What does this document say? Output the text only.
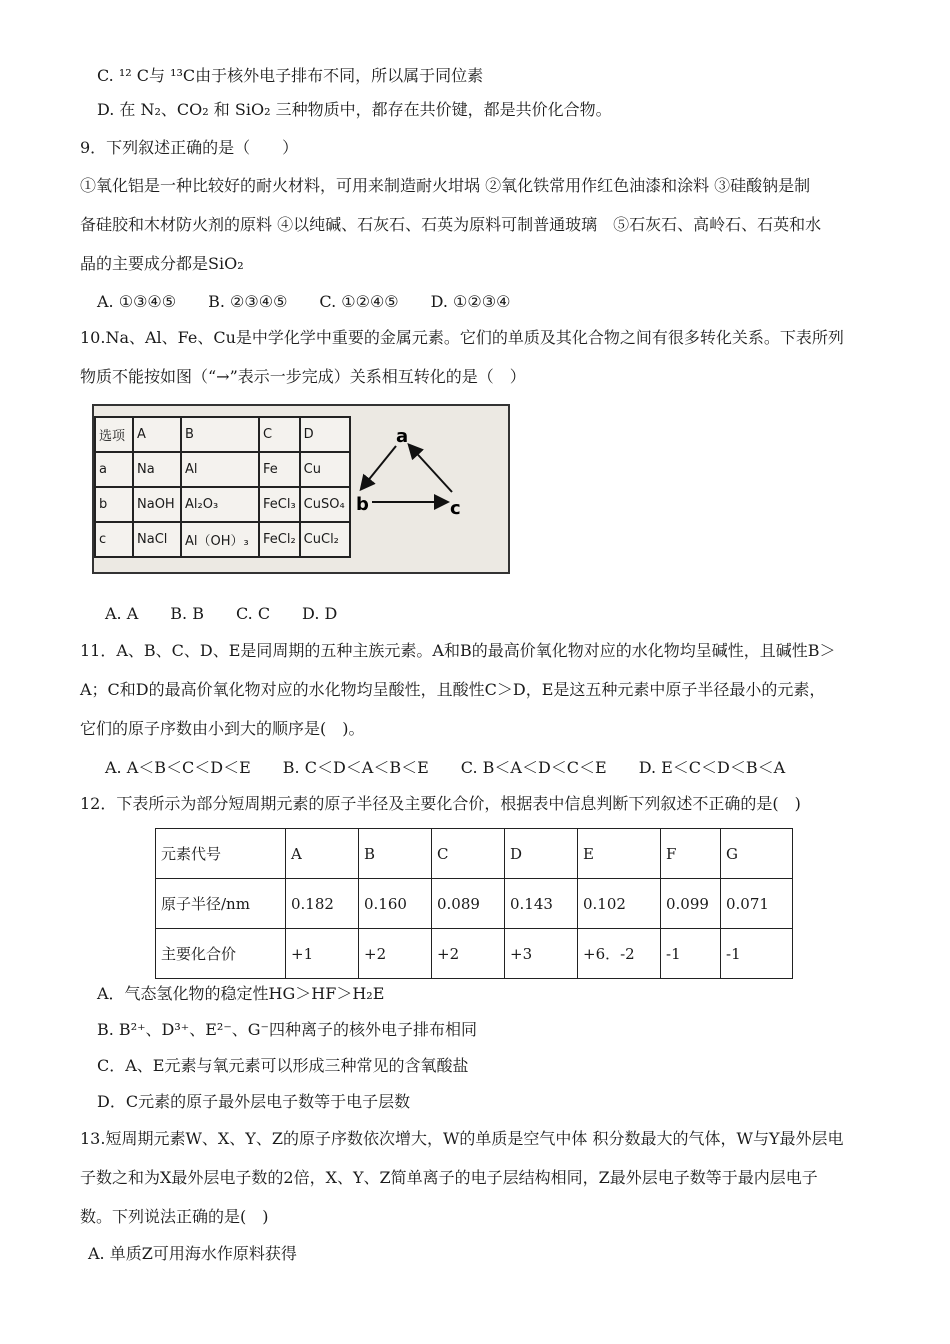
C. ¹² C与 ¹³C由于核外电子排布不同，所以属于同位素
D. 在 N₂、CO₂ 和 SiO₂ 三种物质中，都存在共价键，都是共价化合物。
9．下列叙述正确的是（　　）
①氧化铝是一种比较好的耐火材料，可用来制造耐火坩埚 ②氧化铁常用作红色油漆和涂料 ③硅酸钠是制
备硅胶和木材防火剂的原料 ④以纯碱、石灰石、石英为原料可制普通玻璃　⑤石灰石、高岭石、石英和水
晶的主要成分都是SiO₂
A. ①③④⑤　　B. ②③④⑤　　C. ①②④⑤　　D. ①②③④
10.Na、Al、Fe、Cu是中学化学中重要的金属元素。它们的单质及其化合物之间有很多转化关系。下表所列
物质不能按如图（“→”表示一步完成）关系相互转化的是（　）
选项	A	B	C	D
a	Na	Al	Fe	Cu
b	NaOH	Al₂O₃	FeCl₃	CuSO₄
c	NaCl	Al（OH）₃	FeCl₂	CuCl₂
a
b	c
A. A　　B. B　　C. C　　D. D
11．A、B、C、D、E是同周期的五种主族元素。A和B的最高价氧化物对应的水化物均呈碱性，且碱性B＞
A；C和D的最高价氧化物对应的水化物均呈酸性，且酸性C＞D，E是这五种元素中原子半径最小的元素，
它们的原子序数由小到大的顺序是(　)。
A. A＜B＜C＜D＜E　　B. C＜D＜A＜B＜E　　C. B＜A＜D＜C＜E　　D. E＜C＜D＜B＜A
12．下表所示为部分短周期元素的原子半径及主要化合价，根据表中信息判断下列叙述不正确的是(　)
元素代号	A	B	C	D	E	F	G
原子半径/nm	0.182	0.160	0.089	0.143	0.102	0.099	0.071
主要化合价	+1	+2	+2	+3	+6．-2	-1	-1
A．气态氢化物的稳定性HG＞HF＞H₂E
B. B²⁺、D³⁺、E²⁻、G⁻四种离子的核外电子排布相同
C．A、E元素与氧元素可以形成三种常见的含氧酸盐
D．C元素的原子最外层电子数等于电子层数
13.短周期元素W、X、Y、Z的原子序数依次增大，W的单质是空气中体 积分数最大的气体，W与Y最外层电
子数之和为X最外层电子数的2倍，X、Y、Z简单离子的电子层结构相同，Z最外层电子数等于最内层电子
数。下列说法正确的是(　)
A. 单质Z可用海水作原料获得
